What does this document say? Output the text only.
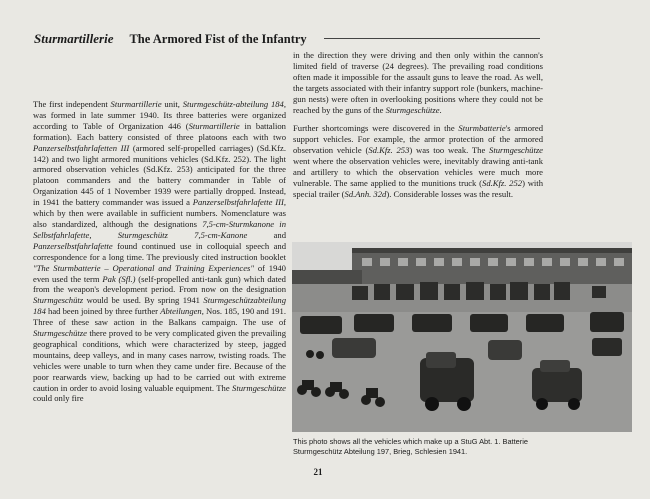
Sturmartillerie The Armored Fist of the Infantry

The first independent Sturmartillerie unit, Sturmgeschütz-abteilung 184, was formed in late summer 1940. Its three batteries were organized according to Table of Organization 446 (Sturmartillerie in battalion formation). Each battery consisted of three platoons each with two Panzerselbstfahrlafetten III (armored self-propelled carriages) (Sd.Kfz. 142) and two light armored munitions vehicles (Sd.Kfz. 252). The light armored observation vehicles (Sd.Kfz. 253) anticipated for the three platoon commanders and the battery commander in Table of Organization 445 of 1 November 1939 were partially dropped. Instead, in 1941 the battery commander was issued a Panzerselbstfahrlafette III, which by then were available in sufficient numbers. Nomenclature was also standardized, although the designations 7,5-cm-Sturmkanone in Selbstfahrlafette, Sturmgeschütz 7,5-cm-Kanone and Panzerselbstfahrlafette found continued use in colloquial speech and correspondence for a long time. The previously cited instruction booklet "The Sturmbatterie – Operational and Training Experiences" of 1940 even used the term Pak (Sfl.) (self-propelled anti-tank gun) which dated from the weapon's development period. From now on the designation Sturmgeschütz would be used. By spring 1941 Sturmgeschützabteilung 184 had been joined by three further Abteilungen, Nos. 185, 190 and 191. Three of these saw action in the Balkans campaign. The use of Sturmgeschütze there proved to be very complicated given the prevailing geographical conditions, which were characterized by steep, jagged mountains, deep valleys, and in many cases narrow, twisting roads. The vehicles were unable to turn when they came under fire. Because of the poor rearwards view, backing up had to be carried out with extreme caution in order to avoid losing valuable equipment. The Sturmgeschütze could only fire

in the direction they were driving and then only within the cannon's limited field of traverse (24 degrees). The prevailing road conditions often made it impossible for the assault guns to leave the road. As well, the targets associated with their infantry support role (bunkers, machine-gun nests) were often in overlooking positions where they could not be reached by the guns of the Sturmgeschütze.

Further shortcomings were discovered in the Sturmbatterie's armored support vehicles. For example, the armor protection of the armored observation vehicle (Sd.Kfz. 253) was too weak. The Sturmgeschütze went where the observation vehicles were, inevitably drawing anti-tank and artillery to which the observation vehicles were much more vulnerable. The same applied to the munitions truck (Sd.Kfz. 252) with special trailer (Sd.Anh. 32d). Considerable losses was the result.

This photo shows all the vehicles which make up a StuG Abt. 1. Batterie
Sturmgeschütz Abteilung 197, Brieg, Schlesien 1941.
21
